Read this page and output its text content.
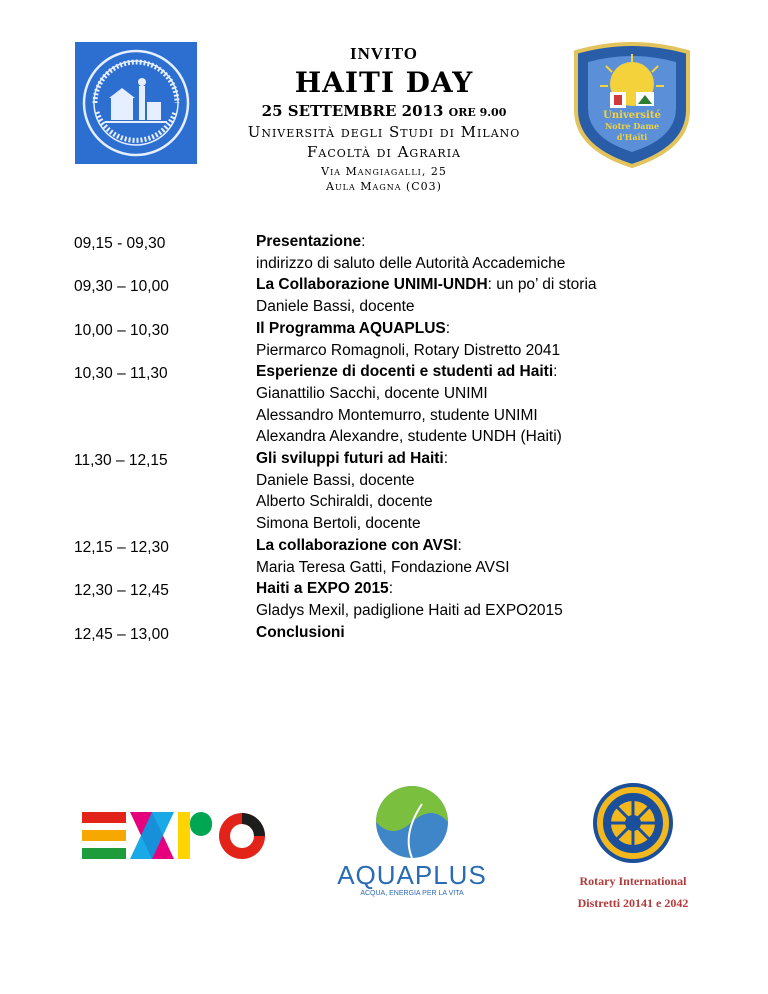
INVITO
HAITI DAY
25 SETTEMBRE 2013 ORE 9.00
Università degli Studi di Milano
Facoltà di Agraria
Via Mangiagalli, 25
Aula Magna (C03)
Université
Notre Dame
d'Haïti
09,15 - 09,30	Presentazione:
indirizzo di saluto delle Autorità Accademiche
09,30 – 10,00	La Collaborazione UNIMI-UNDH: un po’ di storia
Daniele Bassi, docente
10,00 – 10,30	Il Programma AQUAPLUS:
Piermarco Romagnoli, Rotary Distretto 2041
10,30 – 11,30	Esperienze di docenti e studenti ad Haiti:
Gianattilio Sacchi, docente UNIMI
Alessandro Montemurro, studente UNIMI
Alexandra Alexandre, studente UNDH (Haiti)
11,30 – 12,15	Gli sviluppi futuri ad Haiti:
Daniele Bassi, docente
Alberto Schiraldi, docente
Simona Bertoli, docente
12,15 – 12,30	La collaborazione con AVSI:
Maria Teresa Gatti, Fondazione AVSI
12,30 – 12,45	Haiti a EXPO 2015:
Gladys Mexil, padiglione Haiti ad EXPO2015
12,45 – 13,00	Conclusioni
AQUAPLUS
ACQUA, ENERGIA PER LA VITA
Rotary International
Distretti 20141 e 2042
